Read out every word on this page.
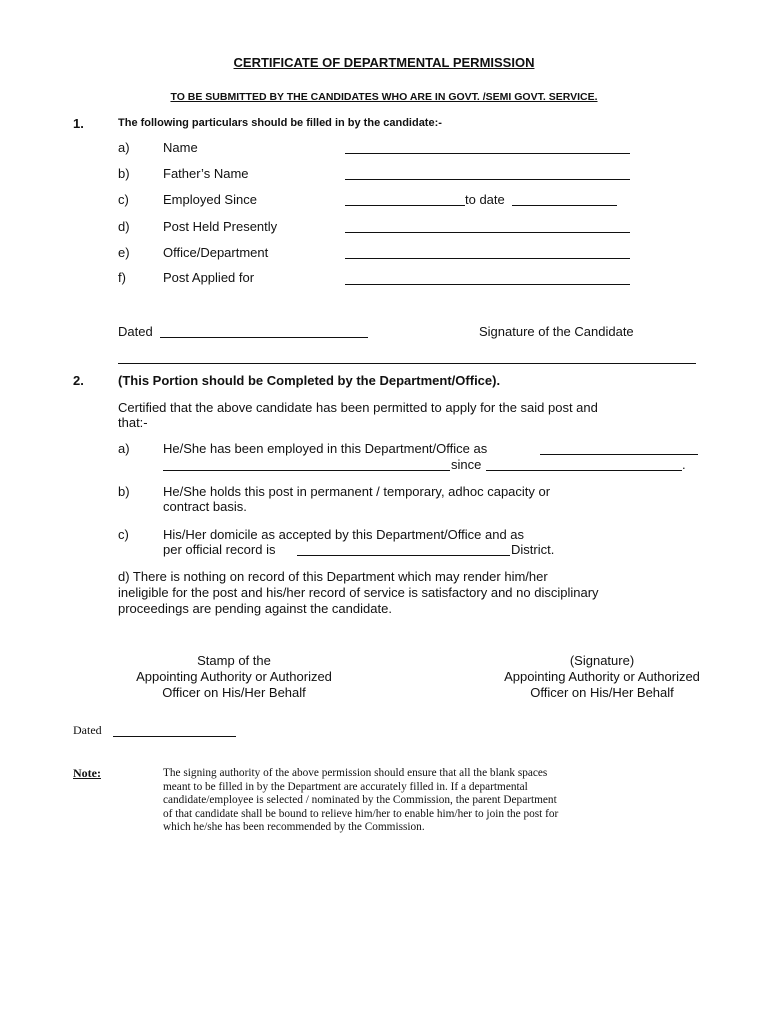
CERTIFICATE OF DEPARTMENTAL PERMISSION
TO BE SUBMITTED BY THE CANDIDATES WHO ARE IN GOVT. /SEMI GOVT. SERVICE.
1.	The following particulars should be filled in by the candidate:-
a)	Name
b)	Father’s Name
c)	Employed Since	to date
d)	Post Held Presently
e)	Office/Department
f)	Post Applied for
Dated	Signature of the Candidate
2.	(This Portion should be Completed by the Department/Office).
Certified that the above candidate has been permitted to apply for the said post and
that:-
a)	He/She has been employed in this Department/Office as
since	.
b)	He/She holds this post in permanent / temporary, adhoc capacity or
contract basis.
c)	His/Her domicile as accepted by this Department/Office and as
per official record is	District.
d) There is nothing on record of this Department which may render him/her
ineligible for the post and his/her record of service is satisfactory and no disciplinary
proceedings are pending against the candidate.
Stamp of the
Appointing Authority or Authorized
Officer on His/Her Behalf
(Signature)
Appointing Authority or Authorized
Officer on His/Her Behalf
Dated
Note:	The signing authority of the above permission should ensure that all the blank spaces
meant to be filled in by the Department are accurately filled in. If a departmental
candidate/employee is selected / nominated by the Commission, the parent Department
of that candidate shall be bound to relieve him/her to enable him/her to join the post for
which he/she has been recommended by the Commission.
